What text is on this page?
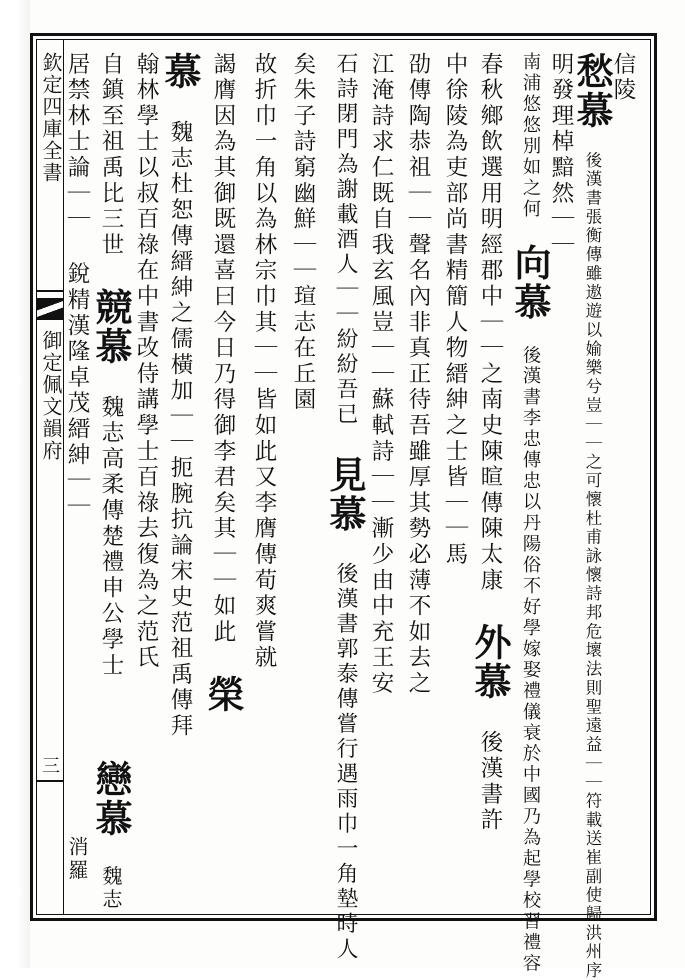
欽定四庫全書
御定佩文韻府
三
信陵
愁慕 後漢書張衡傳雖遨遊以媮樂兮豈｜｜之可懷杜甫詠懷詩邦危壞法則聖遠益｜｜符載送崔副使歸洪州序
明發理棹黯然｜｜
南浦悠悠別如之何 向慕 後漢書李忠傳忠以丹陽俗不好學嫁娶禮儀衰於中國乃為起學校習禮容
春秋鄉飲選用明經郡中｜｜之南史陳暄傳陳太康 外慕 後漢書許
中徐陵為吏部尚書精簡人物縉紳之士皆｜｜馬
劭傳陶恭祖｜｜聲名內非真正待吾雖厚其勢必薄不如去之
江淹詩求仁既自我玄風豈｜｜蘇軾詩｜｜漸少由中充王安
石詩閉門為謝載酒人｜｜紛紛吾已 見慕 後漢書郭泰傳嘗行遇雨巾一角墊時人
矣朱子詩窮幽鮮｜｜瑄志在丘園
故折巾一角以為林宗巾其｜｜皆如此又李膺傳荀爽嘗就
謁膺因為其御既還喜曰今日乃得御李君矣其｜｜如此 榮
慕 魏志杜恕傳縉紳之儒橫加｜｜扼腕抗論宋史范祖禹傳拜
翰林學士以叔百祿在中書改侍講學士百祿去復為之范氏
自鎮至祖禹比三世 競慕 魏志高柔傳楚禮申公學士
居禁林士論｜｜ 銳精漢隆卓茂縉紳｜｜
戀慕 魏志
消羅
